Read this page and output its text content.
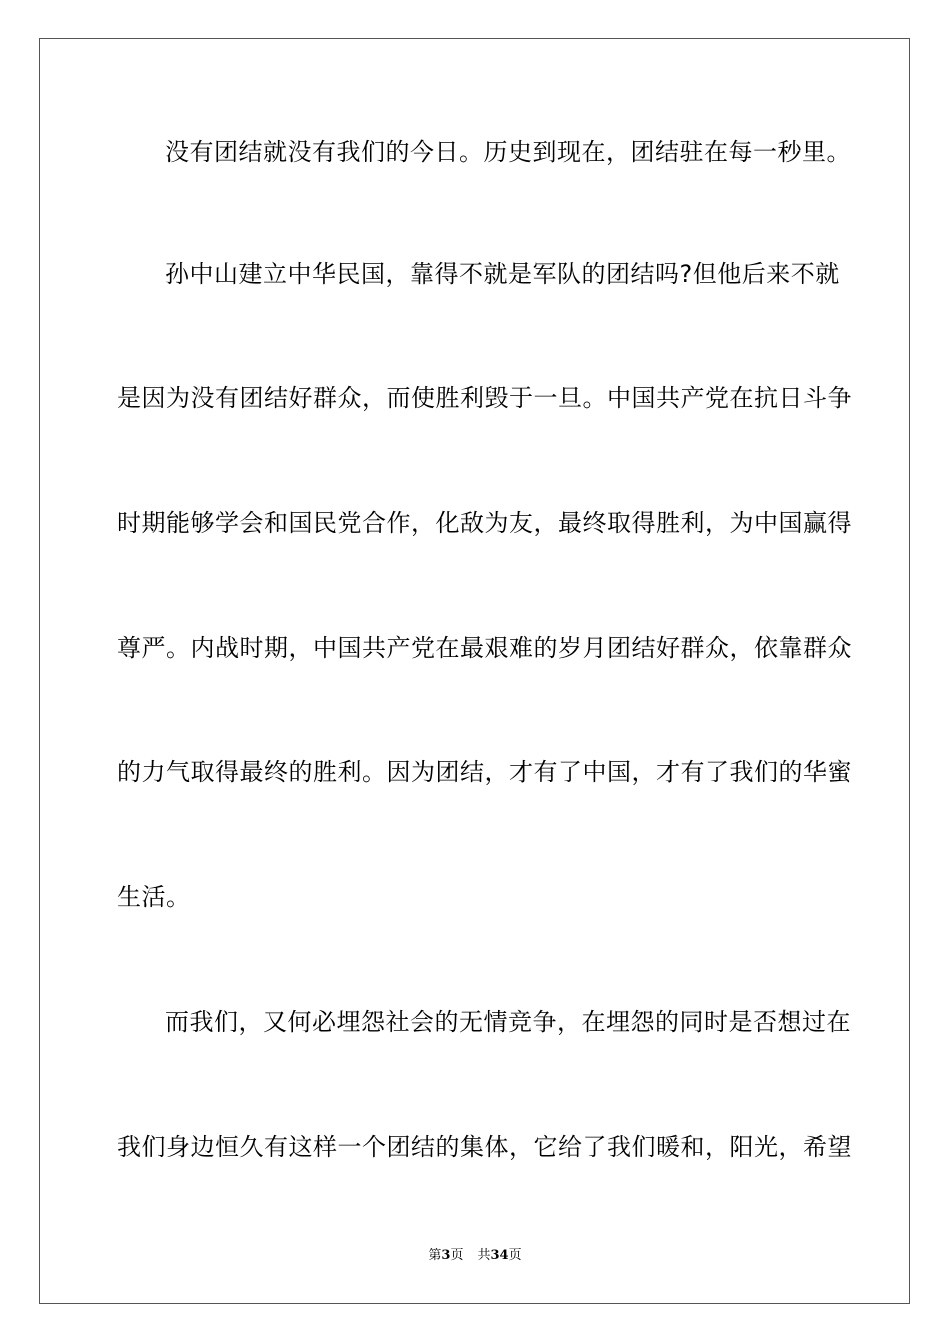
没有团结就没有我们的今日。历史到现在，团结驻在每一秒里。
孙中山建立中华民国，靠得不就是军队的团结吗?但他后来不就
是因为没有团结好群众，而使胜利毁于一旦。中国共产党在抗日斗争
时期能够学会和国民党合作，化敌为友，最终取得胜利，为中国赢得
尊严。内战时期，中国共产党在最艰难的岁月团结好群众，依靠群众
的力气取得最终的胜利。因为团结，才有了中国，才有了我们的华蜜
生活。
而我们，又何必埋怨社会的无情竞争，在埋怨的同时是否想过在
我们身边恒久有这样一个团结的集体，它给了我们暖和，阳光，希望
第3页 共34页
